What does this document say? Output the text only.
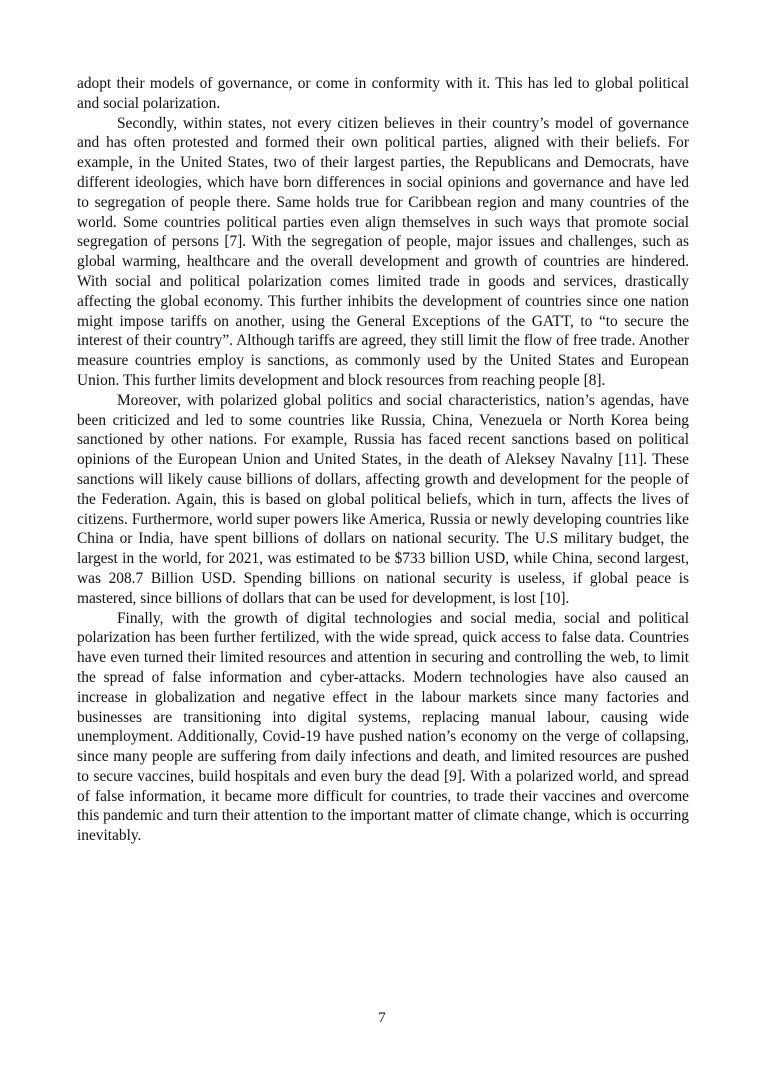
adopt their models of governance, or come in conformity with it. This has led to global political and social polarization.

Secondly, within states, not every citizen believes in their country’s model of governance and has often protested and formed their own political parties, aligned with their beliefs. For example, in the United States, two of their largest parties, the Republicans and Democrats, have different ideologies, which have born differences in social opinions and governance and have led to segregation of people there. Same holds true for Caribbean region and many countries of the world. Some countries political parties even align themselves in such ways that promote social segregation of persons [7]. With the segregation of people, major issues and challenges, such as global warming, healthcare and the overall development and growth of countries are hindered. With social and political polarization comes limited trade in goods and services, drastically affecting the global economy. This further inhibits the development of countries since one nation might impose tariffs on another, using the General Exceptions of the GATT, to “to secure the interest of their country”. Although tariffs are agreed, they still limit the flow of free trade. Another measure countries employ is sanctions, as commonly used by the United States and European Union. This further limits development and block resources from reaching people [8].

Moreover, with polarized global politics and social characteristics, nation’s agendas, have been criticized and led to some countries like Russia, China, Venezuela or North Korea being sanctioned by other nations. For example, Russia has faced recent sanctions based on political opinions of the European Union and United States, in the death of Aleksey Navalny [11]. These sanctions will likely cause billions of dollars, affecting growth and development for the people of the Federation. Again, this is based on global political beliefs, which in turn, affects the lives of citizens. Furthermore, world super powers like America, Russia or newly developing countries like China or India, have spent billions of dollars on national security. The U.S military budget, the largest in the world, for 2021, was estimated to be $733 billion USD, while China, second largest, was 208.7 Billion USD. Spending billions on national security is useless, if global peace is mastered, since billions of dollars that can be used for development, is lost [10].

Finally, with the growth of digital technologies and social media, social and political polarization has been further fertilized, with the wide spread, quick access to false data. Countries have even turned their limited resources and attention in securing and controlling the web, to limit the spread of false information and cyber-attacks. Modern technologies have also caused an increase in globalization and negative effect in the labour markets since many factories and businesses are transitioning into digital systems, replacing manual labour, causing wide unemployment. Additionally, Covid-19 have pushed nation’s economy on the verge of collapsing, since many people are suffering from daily infections and death, and limited resources are pushed to secure vaccines, build hospitals and even bury the dead [9]. With a polarized world, and spread of false information, it became more difficult for countries, to trade their vaccines and overcome this pandemic and turn their attention to the important matter of climate change, which is occurring inevitably.

7
